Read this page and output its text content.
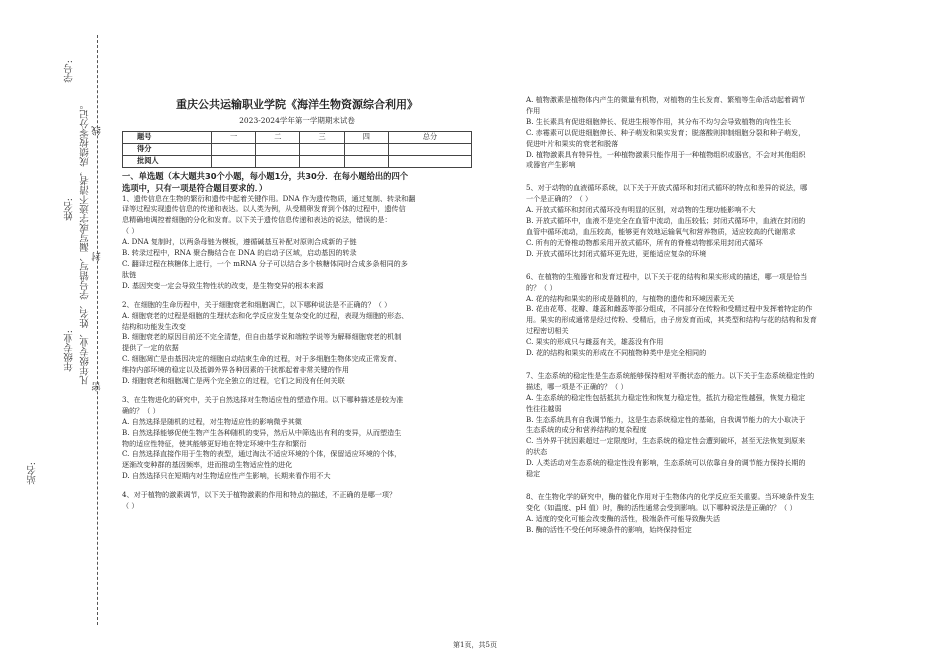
学号:
线
凡年级专业、姓名、学号错写、漏写或字迹不清者，成绩按零分记。
姓名:
封
年级专业:
密
站名:
重庆公共运输职业学院《海洋生物资源综合利用》
2023-2024学年第一学期期末试卷
题号	一	二	三	四	总分
得分					
批阅人					

一、单选题（本大题共30个小题，每小题1分，共30分．在每小题给出的四个

选项中，只有一项是符合题目要求的．）

1、遗传信息在生物的繁衍和遗传中起着关键作用。DNA 作为遗传物质，通过复制、转录和翻

译等过程实现遗传信息的传递和表达。以人类为例，从受精卵发育到个体的过程中，遗传信

息精确地调控着细胞的分化和发育。以下关于遗传信息传递和表达的说法，错误的是：

（ ）

A. DNA 复制时，以两条母链为模板，遵循碱基互补配对原则合成新的子链

B. 转录过程中，RNA 聚合酶结合在 DNA 的启动子区域，启动基因的转录

C. 翻译过程在核糖体上进行，一个 mRNA 分子可以结合多个核糖体同时合成多条相同的多

肽链

D. 基因突变一定会导致生物性状的改变，是生物变异的根本来源

2、在细胞的生命历程中，关于细胞衰老和细胞凋亡，以下哪种说法是不正确的？（ ）

A. 细胞衰老的过程是细胞的生理状态和化学反应发生复杂变化的过程，表现为细胞的形态、

结构和功能发生改变

B. 细胞衰老的原因目前还不完全清楚，但自由基学说和端粒学说等为解释细胞衰老的机制

提供了一定的依据

C. 细胞凋亡是由基因决定的细胞自动结束生命的过程，对于多细胞生物体完成正常发育、

维持内部环境的稳定以及抵御外界各种因素的干扰都起着非常关键的作用

D. 细胞衰老和细胞凋亡是两个完全独立的过程，它们之间没有任何关联

3、在生物进化的研究中，关于自然选择对生物适应性的塑造作用。以下哪种描述是较为准

确的？（ ）

A. 自然选择是随机的过程，对生物适应性的影响微乎其微

B. 自然选择能够促使生物产生各种随机的变异，然后从中筛选出有利的变异，从而塑造生

物的适应性特征，使其能够更好地在特定环境中生存和繁衍

C. 自然选择直接作用于生物的表型，通过淘汰不适应环境的个体，保留适应环境的个体，

逐渐改变种群的基因频率，进而推动生物适应性的进化

D. 自然选择只在短期内对生物适应性产生影响，长期来看作用不大

4、对于植物的激素调节，以下关于植物激素的作用和特点的描述，不正确的是哪一项？

（ ）

A. 植物激素是植物体内产生的微量有机物，对植物的生长发育、繁殖等生命活动起着调节

作用

B. 生长素具有促进细胞伸长、促进生根等作用，其分布不均匀会导致植物的向性生长

C. 赤霉素可以促进细胞伸长、种子萌发和果实发育；脱落酸则抑制细胞分裂和种子萌发，

促进叶片和果实的衰老和脱落

D. 植物激素具有特异性，一种植物激素只能作用于一种植物组织或器官，不会对其他组织

或器官产生影响

5、对于动物的血液循环系统，以下关于开放式循环和封闭式循环的特点和差异的说法，哪

一个是正确的？（ ）

A. 开放式循环和封闭式循环没有明显的区别，对动物的生理功能影响不大

B. 开放式循环中，血液不是完全在血管中流动，血压较低；封闭式循环中，血液在封闭的

血管中循环流动，血压较高，能够更有效地运输氧气和营养物质，适应较高的代谢需求

C. 所有的无脊椎动物都采用开放式循环，所有的脊椎动物都采用封闭式循环

D. 开放式循环比封闭式循环更先进，更能适应复杂的环境

6、在植物的生殖器官和发育过程中，以下关于花的结构和果实形成的描述，哪一项是恰当

的？（ ）

A. 花的结构和果实的形成是随机的，与植物的遗传和环境因素无关

B. 花由花萼、花瓣、雄蕊和雌蕊等部分组成，不同部分在传粉和受精过程中发挥着特定的作

用。果实的形成通常是经过传粉、受精后，由子房发育而成，其类型和结构与花的结构和发育

过程密切相关

C. 果实的形成只与雌蕊有关，雄蕊没有作用

D. 花的结构和果实的形成在不同植物种类中是完全相同的

7、生态系统的稳定性是生态系统能够保持相对平衡状态的能力。以下关于生态系统稳定性的

描述，哪一项是不正确的？（ ）

A. 生态系统的稳定性包括抵抗力稳定性和恢复力稳定性，抵抗力稳定性越强，恢复力稳定

性往往越弱

B. 生态系统具有自我调节能力，这是生态系统稳定性的基础，自我调节能力的大小取决于

生态系统的成分和营养结构的复杂程度

C. 当外界干扰因素超过一定限度时，生态系统的稳定性会遭到破坏，甚至无法恢复到原来

的状态

D. 人类活动对生态系统的稳定性没有影响，生态系统可以依靠自身的调节能力保持长期的

稳定

8、在生物化学的研究中，酶的催化作用对于生物体内的化学反应至关重要。当环境条件发生

变化（如温度、pH 值）时，酶的活性通常会受到影响。以下哪种说法是正确的？（ ）

A. 适度的变化可能会改变酶的活性，极端条件可能导致酶失活

B. 酶的活性不受任何环境条件的影响，始终保持恒定

第1页，共5页
